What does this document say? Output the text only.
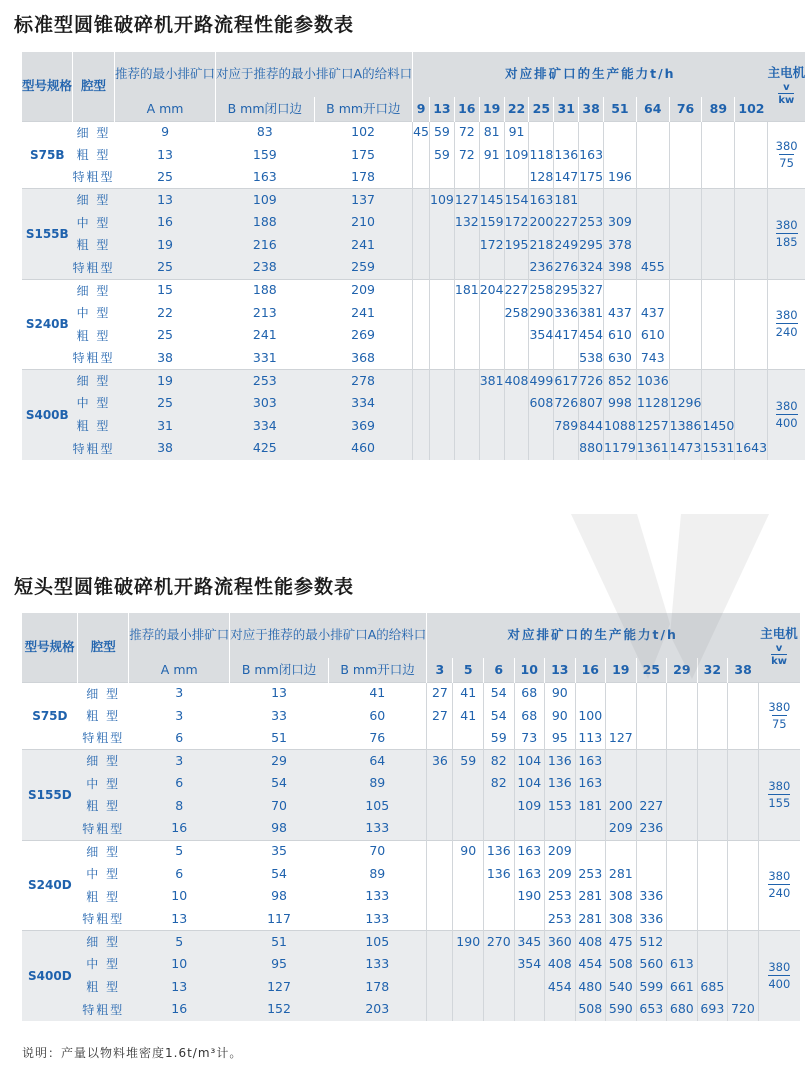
标准型圆锥破碎机开路流程性能参数表
型号规格	腔型	推荐的最小排矿口	对应于推荐的最小排矿口A的给料口		对应排矿口的生产能力t/h													主电机
$\frac{v}{kw}$

		A mm	B mm闭口边	B mm开口边	9	13	16	19	22	25	31	38	51	64	76	89	102	
S75B	细 型	9	83	102	45	59	72	81	91									380
75
	粗 型	13	159	175		59	72	91	109	118	136	163						
	特粗型	25	163	178						128	147	175	196					
S155B	细 型	13	109	137		109	127	145	154	163	181							380
185
	中 型	16	188	210			132	159	172	200	227	253	309					
	粗 型	19	216	241				172	195	218	249	295	378					
	特粗型	25	238	259						236	276	324	398	455				
S240B	细 型	15	188	209			181	204	227	258	295	327						380
240
	中 型	22	213	241					258	290	336	381	437	437				
	粗 型	25	241	269						354	417	454	610	610				
	特粗型	38	331	368								538	630	743				
S400B	细 型	19	253	278				381	408	499	617	726	852	1036				380
400
	中 型	25	303	334						608	726	807	998	1128	1296			
	粗 型	31	334	369							789	844	1088	1257	1386	1450		
	特粗型	38	425	460								880	1179	1361	1473	1531	1643	
短头型圆锥破碎机开路流程性能参数表
型号规格	腔型	推荐的最小排矿口	对应于推荐的最小排矿口A的给料口		对应排矿口的生产能力t/h											主电机
$\frac{v}{kw}$

		A mm	B mm闭口边	B mm开口边	3	5	6	10	13	16	19	25	29	32	38	
S75D	细 型	3	13	41	27	41	54	68	90							380
75
	粗 型	3	33	60	27	41	54	68	90	100						
	特粗型	6	51	76			59	73	95	113	127					
S155D	细 型	3	29	64	36	59	82	104	136	163						380
155
	中 型	6	54	89			82	104	136	163						
	粗 型	8	70	105				109	153	181	200	227				
	特粗型	16	98	133							209	236				
S240D	细 型	5	35	70		90	136	163	209							380
240
	中 型	6	54	89			136	163	209	253	281					
	粗 型	10	98	133				190	253	281	308	336				
	特粗型	13	117	133					253	281	308	336				
S400D	细 型	5	51	105		190	270	345	360	408	475	512				380
400
	中 型	10	95	133				354	408	454	508	560	613			
	粗 型	13	127	178					454	480	540	599	661	685		
	特粗型	16	152	203						508	590	653	680	693	720	
说明：产量以物料堆密度1.6t/m³计。
